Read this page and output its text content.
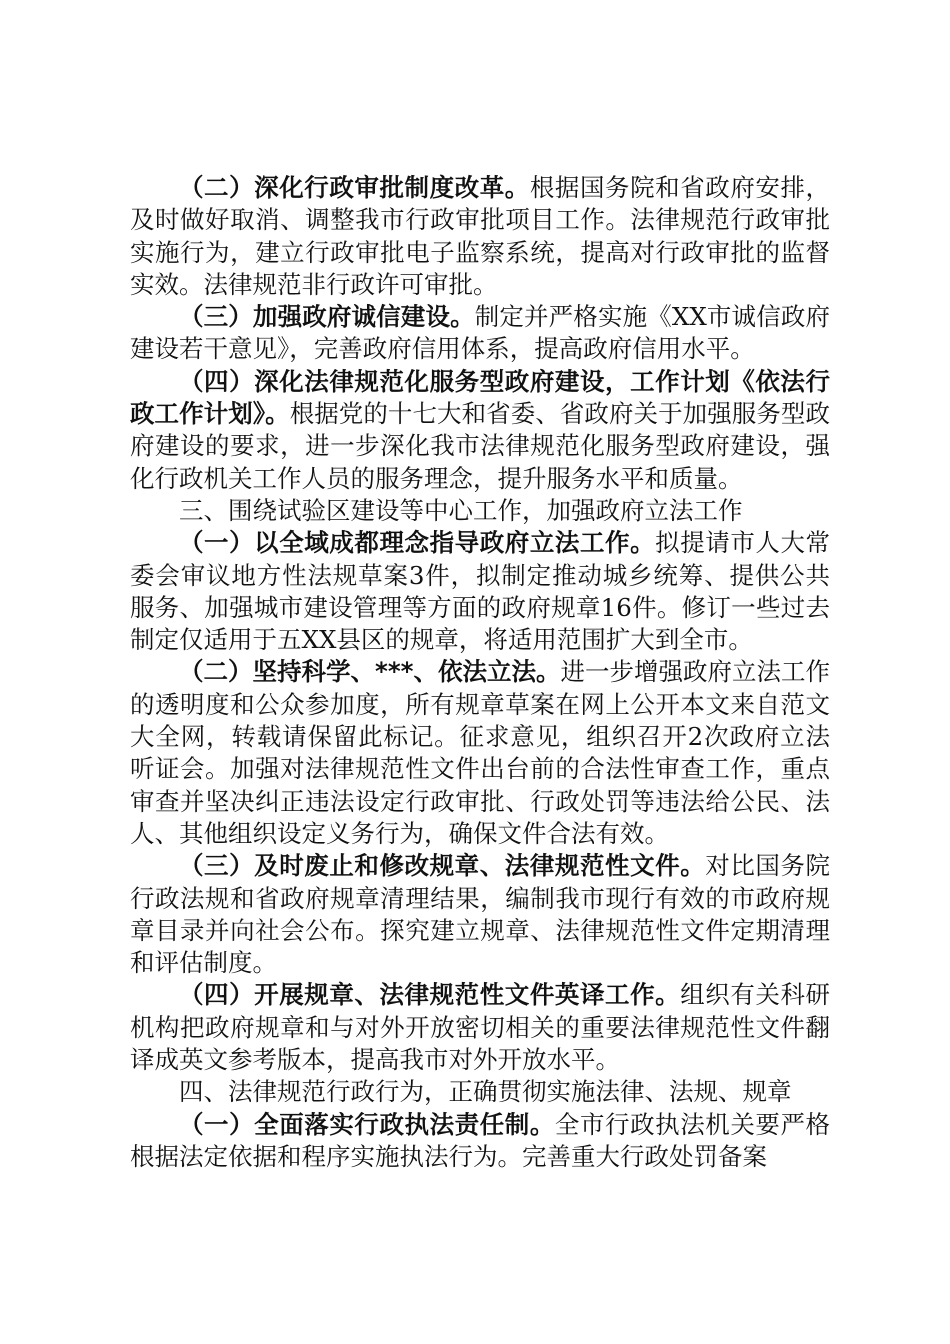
（二）深化行政审批制度改革。根据国务院和省政府安排，及时做好取消、调整我市行政审批项目工作。法律规范行政审批实施行为，建立行政审批电子监察系统，提高对行政审批的监督实效。法律规范非行政许可审批。

（三）加强政府诚信建设。制定并严格实施《XX市诚信政府建设若干意见》，完善政府信用体系，提高政府信用水平。

（四）深化法律规范化服务型政府建设，工作计划《依法行政工作计划》。根据党的十七大和省委、省政府关于加强服务型政府建设的要求，进一步深化我市法律规范化服务型政府建设，强化行政机关工作人员的服务理念，提升服务水平和质量。

三、围绕试验区建设等中心工作，加强政府立法工作

（一）以全域成都理念指导政府立法工作。拟提请市人大常委会审议地方性法规草案3件，拟制定推动城乡统筹、提供公共服务、加强城市建设管理等方面的政府规章16件。修订一些过去制定仅适用于五XX县区的规章，将适用范围扩大到全市。

（二）坚持科学、***、依法立法。进一步增强政府立法工作的透明度和公众参加度，所有规章草案在网上公开本文来自范文大全网，转载请保留此标记。征求意见，组织召开2次政府立法听证会。加强对法律规范性文件出台前的合法性审查工作，重点审查并坚决纠正违法设定行政审批、行政处罚等违法给公民、法人、其他组织设定义务行为，确保文件合法有效。

（三）及时废止和修改规章、法律规范性文件。对比国务院行政法规和省政府规章清理结果，编制我市现行有效的市政府规章目录并向社会公布。探究建立规章、法律规范性文件定期清理和评估制度。

（四）开展规章、法律规范性文件英译工作。组织有关科研机构把政府规章和与对外开放密切相关的重要法律规范性文件翻译成英文参考版本，提高我市对外开放水平。

四、法律规范行政行为，正确贯彻实施法律、法规、规章

（一）全面落实行政执法责任制。全市行政执法机关要严格根据法定依据和程序实施执法行为。完善重大行政处罚备案
